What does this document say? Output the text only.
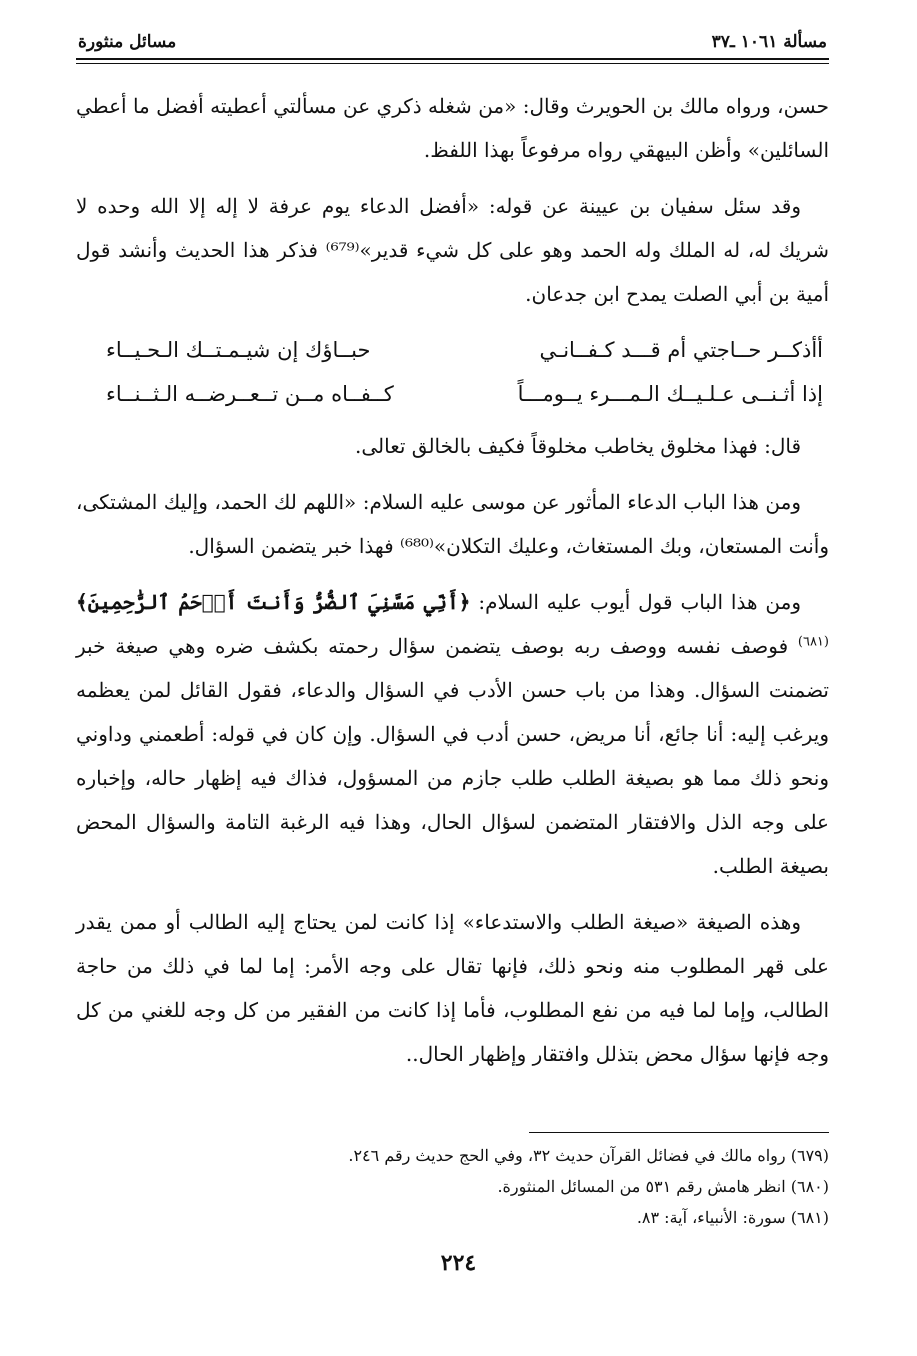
مسألة ١٠٦١ ـ٣٧
مسائل منثورة

حسن، ورواه مالك بن الحويرث وقال: «من شغله ذكري عن مسألتي أعطيته أفضل ما أعطي السائلين» وأظن البيهقي رواه مرفوعاً بهذا اللفظ.

وقد سئل سفيان بن عيينة عن قوله: «أفضل الدعاء يوم عرفة لا إله إلا الله وحده لا شريك له، له الملك وله الحمد وهو على كل شيء قدير»⁽⁶⁷⁹⁾ فذكر هذا الحديث وأنشد قول أمية بن أبي الصلت يمدح ابن جدعان.

أأذكــر حــاجتي أم قـــد كـفــانـي
حبــاؤك إن شيـمـتــك الـحـيــاء
إذا أثـنــى عـلـيــك الـمـــرء يــومـــاً
كــفــاه مــن تــعــرضــه الـثــنــاء

قال: فهذا مخلوق يخاطب مخلوقاً فكيف بالخالق تعالى.

ومن هذا الباب الدعاء المأثور عن موسى عليه السلام: «اللهم لك الحمد، وإليك المشتكى، وأنت المستعان، وبك المستغاث، وعليك التكلان»⁽⁶⁸⁰⁾ فهذا خبر يتضمن السؤال.

ومن هذا الباب قول أيوب عليه السلام: ﴿أَنِّي مَسَّنِيَ ٱلضُّرُّ وَأَنتَ أَرۡحَمُ ٱلرَّٰحِمِينَ﴾$^{(٦٨١)}$ فوصف نفسه ووصف ربه بوصف يتضمن سؤال رحمته بكشف ضره وهي صيغة خبر تضمنت السؤال. وهذا من باب حسن الأدب في السؤال والدعاء، فقول القائل لمن يعظمه ويرغب إليه: أنا جائع، أنا مريض، حسن أدب في السؤال. وإن كان في قوله: أطعمني وداوني ونحو ذلك مما هو بصيغة الطلب طلب جازم من المسؤول، فذاك فيه إظهار حاله، وإخباره على وجه الذل والافتقار المتضمن لسؤال الحال، وهذا فيه الرغبة التامة والسؤال المحض بصيغة الطلب.

وهذه الصيغة «صيغة الطلب والاستدعاء» إذا كانت لمن يحتاج إليه الطالب أو ممن يقدر على قهر المطلوب منه ونحو ذلك، فإنها تقال على وجه الأمر: إما لما في ذلك من حاجة الطالب، وإما لما فيه من نفع المطلوب، فأما إذا كانت من الفقير من كل وجه للغني من كل وجه فإنها سؤال محض بتذلل وافتقار وإظهار الحال..

(٦٧٩) رواه مالك في فضائل القرآن حديث ٣٢، وفي الحج حديث رقم ٢٤٦.
(٦٨٠) انظر هامش رقم ٥٣١ من المسائل المنثورة.
(٦٨١) سورة: الأنبياء، آية: ٨٣.
٢٢٤
